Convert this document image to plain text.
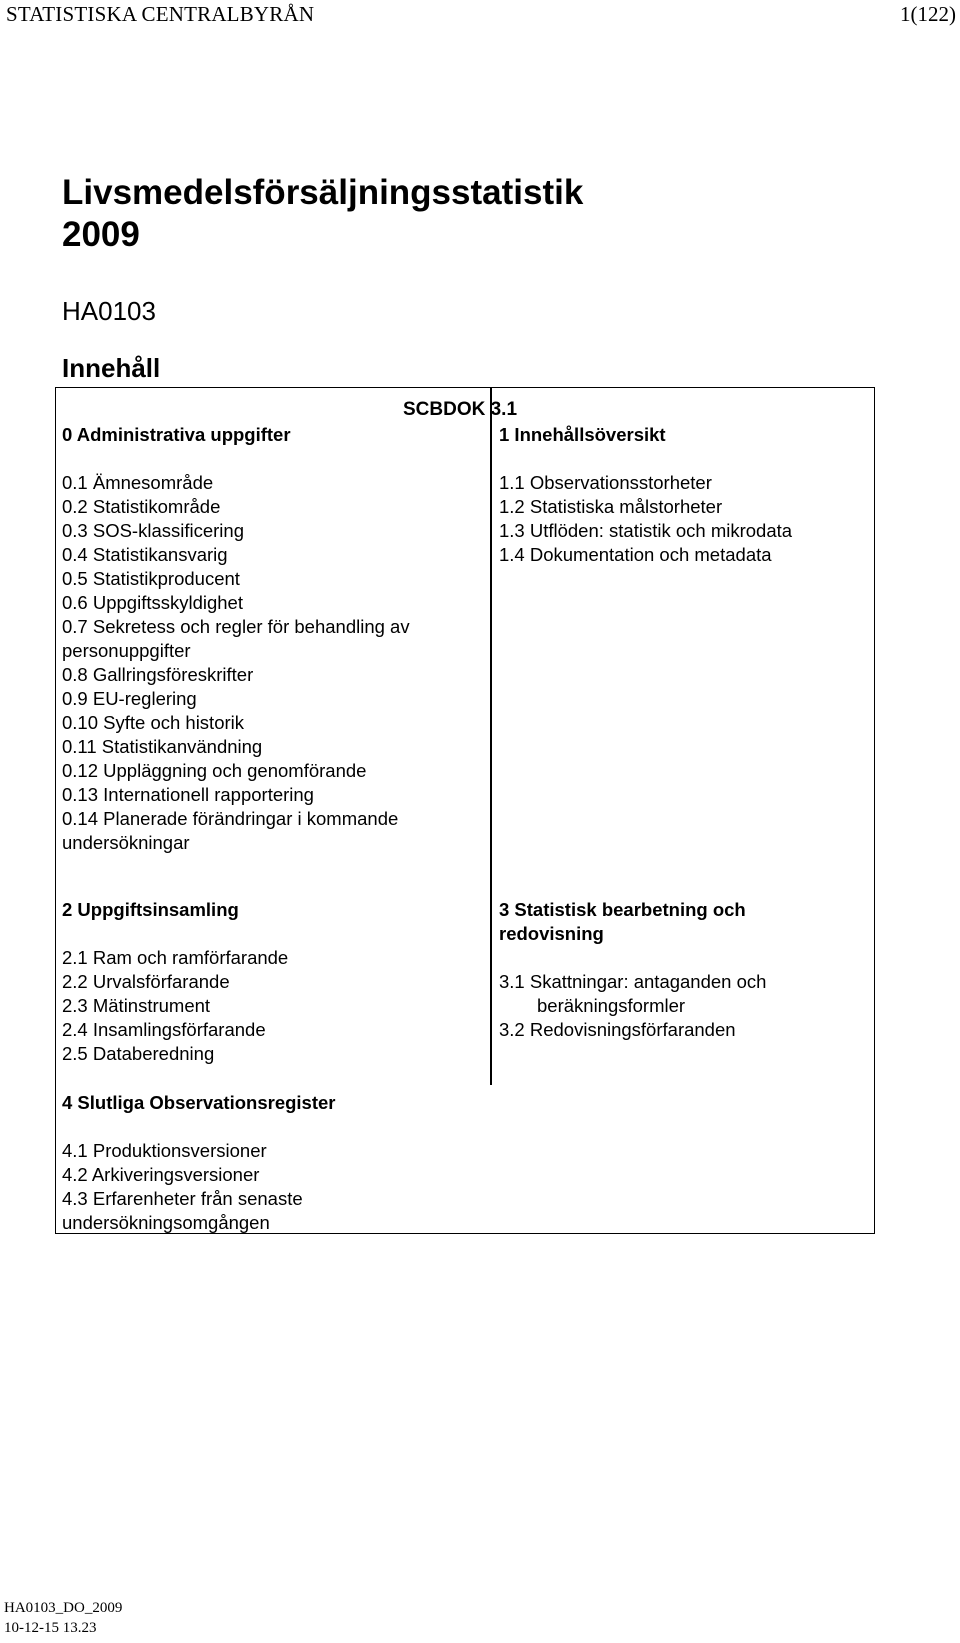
STATISTISKA CENTRALBYRÅN	1(122)

Livsmedelsförsäljningsstatistik

2009

HA0103
Innehåll
SCBDOK 3.1
0 Administrativa uppgifter
0.1 Ämnesområde
0.2 Statistikområde
0.3 SOS-klassificering
0.4 Statistikansvarig
0.5 Statistikproducent
0.6 Uppgiftsskyldighet
0.7 Sekretess och regler för behandling av
personuppgifter
0.8 Gallringsföreskrifter
0.9 EU-reglering
0.10 Syfte och historik
0.11 Statistikanvändning
0.12 Uppläggning och genomförande
0.13 Internationell rapportering
0.14 Planerade förändringar i kommande
undersökningar
1 Innehållsöversikt
1.1 Observationsstorheter
1.2 Statistiska målstorheter
1.3 Utflöden: statistik och mikrodata
1.4 Dokumentation och metadata
2 Uppgiftsinsamling
2.1 Ram och ramförfarande
2.2 Urvalsförfarande
2.3 Mätinstrument
2.4 Insamlingsförfarande
2.5 Databeredning
3 Statistisk bearbetning och
redovisning
3.1 Skattningar: antaganden och
beräkningsformler
3.2 Redovisningsförfaranden
4 Slutliga Observationsregister
4.1 Produktionsversioner
4.2 Arkiveringsversioner
4.3 Erfarenheter från senaste
undersökningsomgången
HA0103_DO_2009
10-12-15 13.23
